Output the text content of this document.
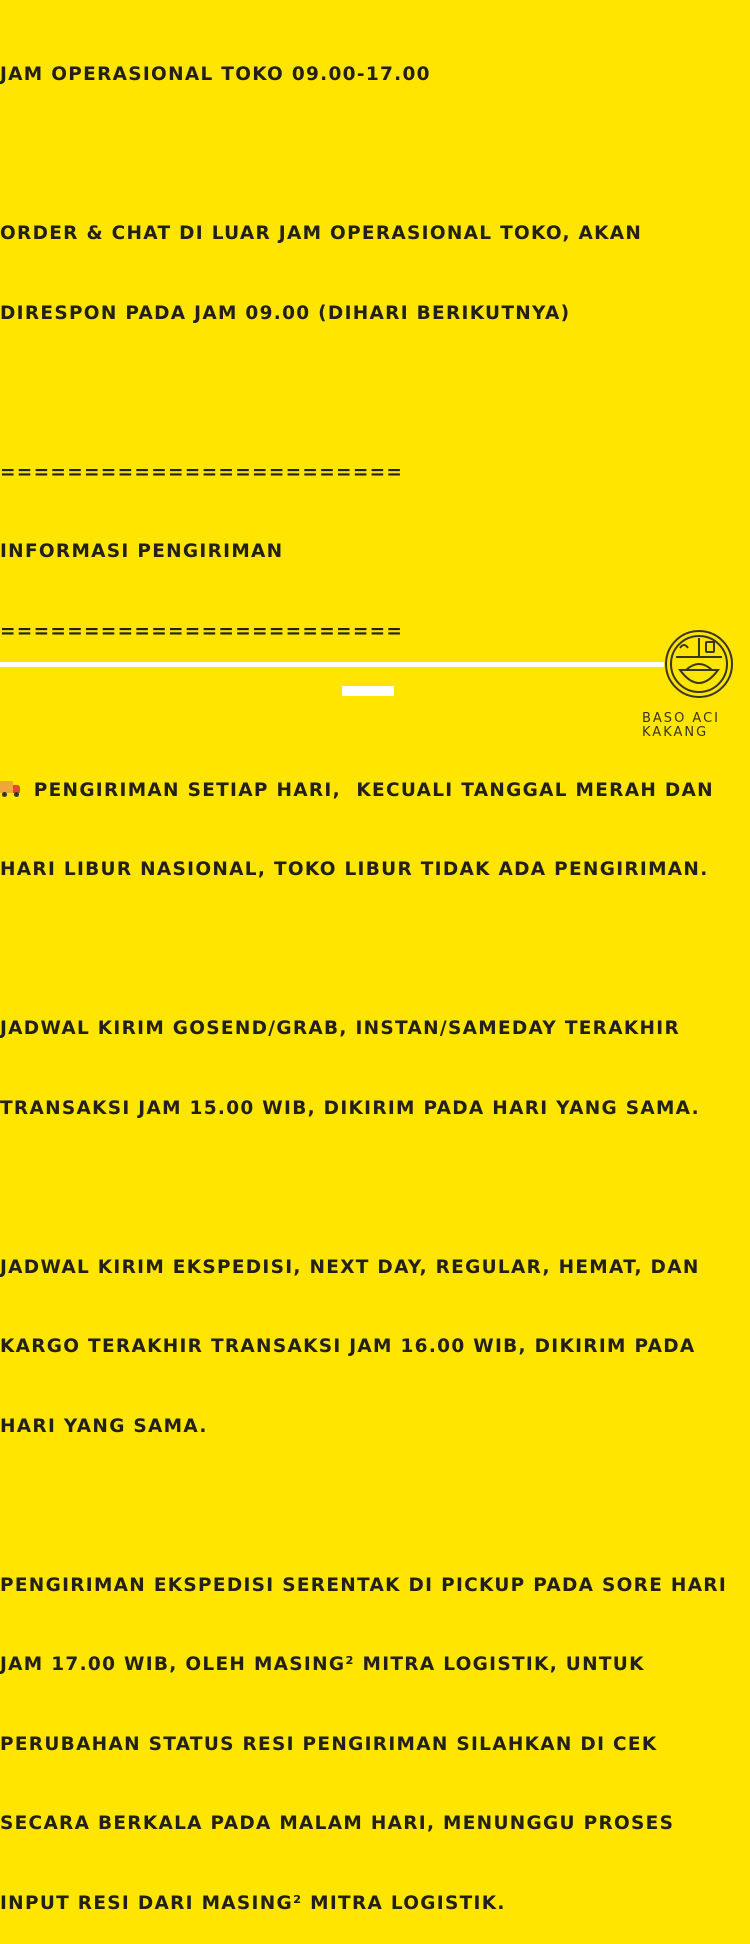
JAM OPERASIONAL TOKO 09.00-17.00

ORDER & CHAT DI LUAR JAM OPERASIONAL TOKO, AKAN

DIRESPON PADA JAM 09.00 (DIHARI BERIKUTNYA)

========================

INFORMASI PENGIRIMAN

========================

PENGIRIMAN SETIAP HARI,  KECUALI TANGGAL MERAH DAN

HARI LIBUR NASIONAL, TOKO LIBUR TIDAK ADA PENGIRIMAN.

JADWAL KIRIM GOSEND/GRAB, INSTAN/SAMEDAY TERAKHIR

TRANSAKSI JAM 15.00 WIB, DIKIRIM PADA HARI YANG SAMA.

JADWAL KIRIM EKSPEDISI, NEXT DAY, REGULAR, HEMAT, DAN

KARGO TERAKHIR TRANSAKSI JAM 16.00 WIB, DIKIRIM PADA

HARI YANG SAMA.

PENGIRIMAN EKSPEDISI SERENTAK DI PICKUP PADA SORE HARI

JAM 17.00 WIB, OLEH MASING² MITRA LOGISTIK, UNTUK

PERUBAHAN STATUS RESI PENGIRIMAN SILAHKAN DI CEK

SECARA BERKALA PADA MALAM HARI, MENUNGGU PROSES

INPUT RESI DARI MASING² MITRA LOGISTIK.

BASO ACI
KAKANG
